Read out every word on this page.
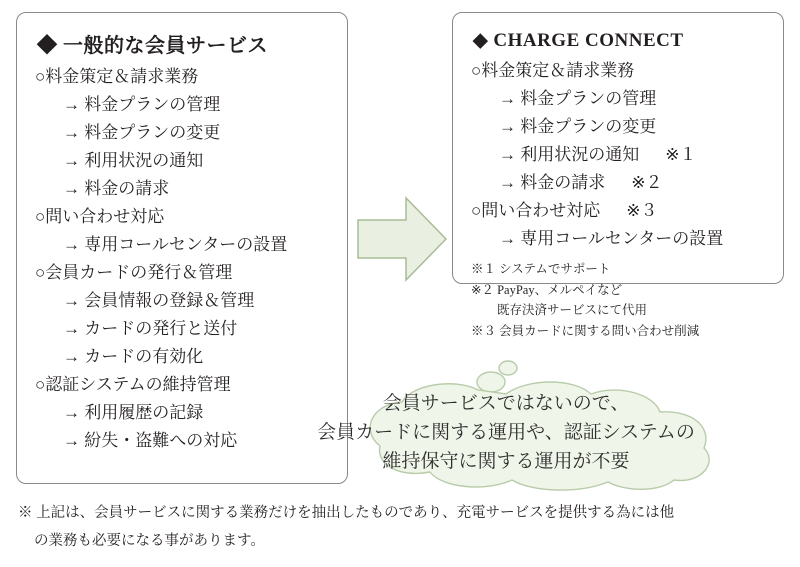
◆ 一般的な会員サービス
○料金策定＆請求業務
→ 料金プランの管理
→ 料金プランの変更
→ 利用状況の通知
→ 料金の請求
○問い合わせ対応
→ 専用コールセンターの設置
○会員カードの発行＆管理
→ 会員情報の登録＆管理
→ カードの発行と送付
→ カードの有効化
○認証システムの維持管理
→ 利用履歴の記録
→ 紛失・盗難への対応
◆ CHARGE CONNECT
○料金策定＆請求業務
→ 料金プランの管理
→ 料金プランの変更
→ 利用状況の通知 ※１
→ 料金の請求 ※２
○問い合わせ対応 ※３
→ 専用コールセンターの設置
※１ システムでサポート
※２ PayPay、メルペイなど
既存決済サービスにて代用
※３ 会員カードに関する問い合わせ削減
会員サービスではないので、
会員カードに関する運用や、認証システムの
維持保守に関する運用が不要
※ 上記は、会員サービスに関する業務だけを抽出したものであり、充電サービスを提供する為には他
の業務も必要になる事があります。
